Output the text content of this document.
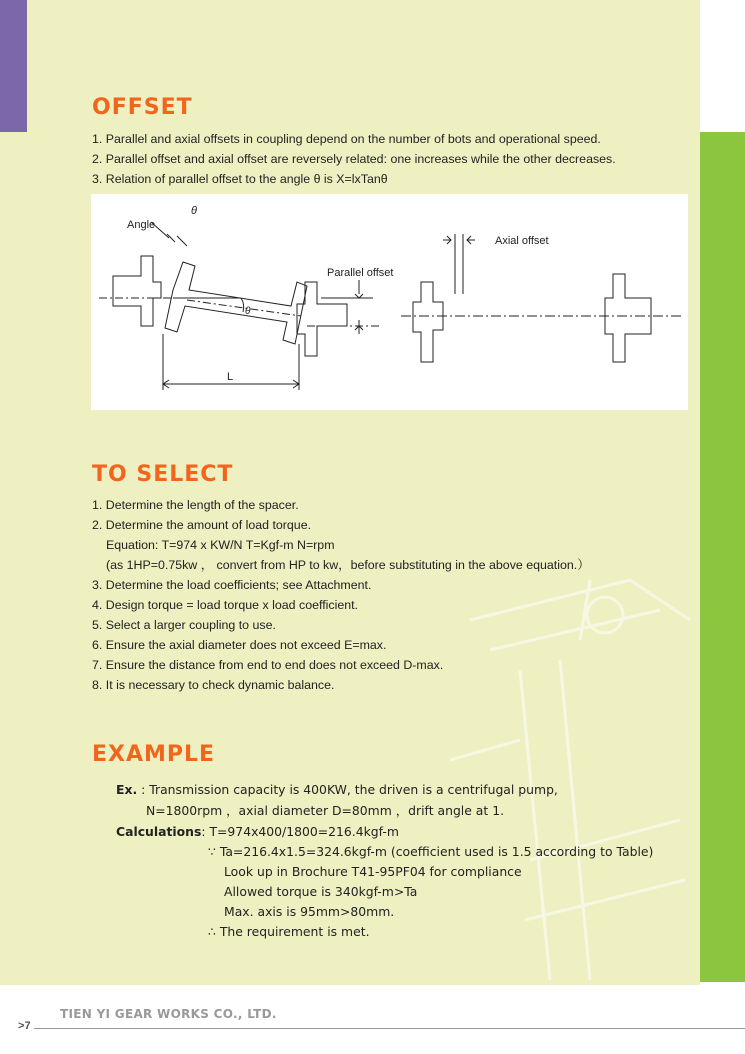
OFFSET
1. Parallel and axial offsets in coupling depend on the number of bots and operational speed.
2. Parallel offset and axial offset are reversely related: one increases while the other decreases.
3. Relation of parallel offset to the angle θ is X=lxTanθ
Angle
θ
θ
Parallel offset
Axial offset
L
TO SELECT
1. Determine the length of the spacer.
2. Determine the amount of load torque.
Equation: T=974 x KW/N T=Kgf-m N=rpm
(as 1HP=0.75kw ， convert from HP to kw，before substituting in the above equation.）
3. Determine the load coefficients; see Attachment.
4. Design torque = load torque x load coefficient.
5. Select a larger coupling to use.
6. Ensure the axial diameter does not exceed E=max.
7. Ensure the distance from end to end does not exceed D-max.
8. It is necessary to check dynamic balance.
EXAMPLE
Ex. : Transmission capacity is 400KW, the driven is a centrifugal pump,
N=1800rpm ，axial diameter D=80mm ，drift angle at 1.
Calculations: T=974x400/1800=216.4kgf-m
∵ Ta=216.4x1.5=324.6kgf-m (coefficient used is 1.5 according to Table)
Look up in Brochure T41-95PF04 for compliance
Allowed torque is 340kgf-m>Ta
Max. axis is 95mm>80mm.
∴ The requirement is met.
TIEN YI GEAR WORKS CO., LTD.
>7
